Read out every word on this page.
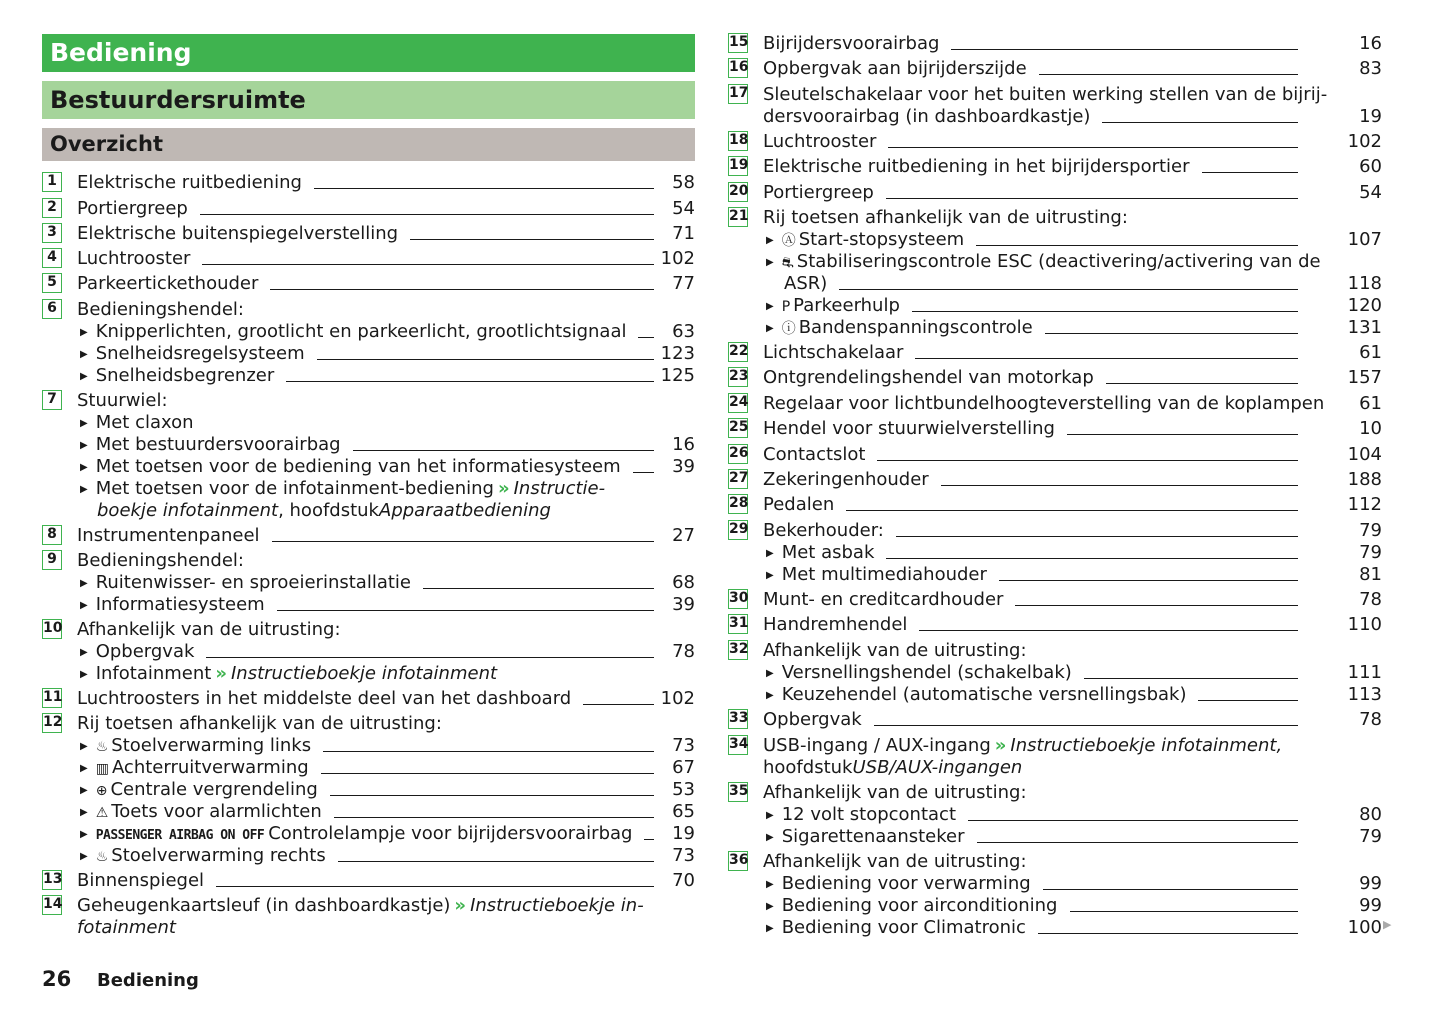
Bediening
Bestuurdersruimte
Overzicht
1 Elektrische ruitbediening	58
2 Portiergreep	54
3 Elektrische buitenspiegelverstelling	71
4 Luchtrooster	102
5 Parkeertickethouder	77
6 Bedieningshendel:
▶ Knipperlichten, grootlicht en parkeerlicht, grootlichtsignaal	63
▶ Snelheidsregelsysteem	123
▶ Snelheidsbegrenzer	125
7 Stuurwiel:
▶ Met claxon
▶ Met bestuurdersvoorairbag	16
▶ Met toetsen voor de bediening van het informatiesysteem	39
▶ Met toetsen voor de infotainment-bediening » Instructie-
boekje infotainment , hoofdstuk Apparaatbediening
8 Instrumentenpaneel	27
9 Bedieningshendel:
▶ Ruitenwisser- en sproeierinstallatie	68
▶ Informatiesysteem	39
10 Afhankelijk van de uitrusting:
▶ Opbergvak	78
▶ Infotainment » Instructieboekje infotainment
11 Luchtroosters in het middelste deel van het dashboard	102
12 Rij toetsen afhankelijk van de uitrusting:
▶ ♨ Stoelverwarming links	73
▶ ▥ Achterruitverwarming	67
▶ ⊕ Centrale vergrendeling	53
▶ ⚠ Toets voor alarmlichten	65
▶ PASSENGER AIRBAG ON OFF Controlelampje voor bijrijdersvoorairbag	19
▶ ♨ Stoelverwarming rechts	73
13 Binnenspiegel	70
14 Geheugenkaartsleuf (in dashboardkastje) » Instructieboekje in-
fotainment
15 Bijrijdersvoorairbag	16
16 Opbergvak aan bijrijderszijde	83
17 Sleutelschakelaar voor het buiten werking stellen van de bijrij-
dersvoorairbag (in dashboardkastje)	19
18 Luchtrooster	102
19 Elektrische ruitbediening in het bijrijdersportier	60
20 Portiergreep	54
21 Rij toetsen afhankelijk van de uitrusting:
▶ Ⓐ Start-stopsysteem	107
▶ ⛐ Stabiliseringscontrole ESC (deactivering/activering van de
ASR)	118
▶ P Parkeerhulp	120
▶ ⓘ Bandenspanningscontrole	131
22 Lichtschakelaar	61
23 Ontgrendelingshendel van motorkap	157
24 Regelaar voor lichtbundelhoogteverstelling van de koplampen	61
25 Hendel voor stuurwielverstelling	10
26 Contactslot	104
27 Zekeringenhouder	188
28 Pedalen	112
29 Bekerhouder:	79
▶ Met asbak	79
▶ Met multimediahouder	81
30 Munt- en creditcardhouder	78
31 Handremhendel	110
32 Afhankelijk van de uitrusting:
▶ Versnellingshendel (schakelbak)	111
▶ Keuzehendel (automatische versnellingsbak)	113
33 Opbergvak	78
34 USB-ingang / AUX-ingang » Instructieboekje infotainment,
hoofdstuk USB/AUX-ingangen
35 Afhankelijk van de uitrusting:
▶ 12 volt stopcontact	80
▶ Sigarettenaansteker	79
36 Afhankelijk van de uitrusting:
▶ Bediening voor verwarming	99
▶ Bediening voor airconditioning	99
▶ Bediening voor Climatronic	100
26 Bediening
▶
